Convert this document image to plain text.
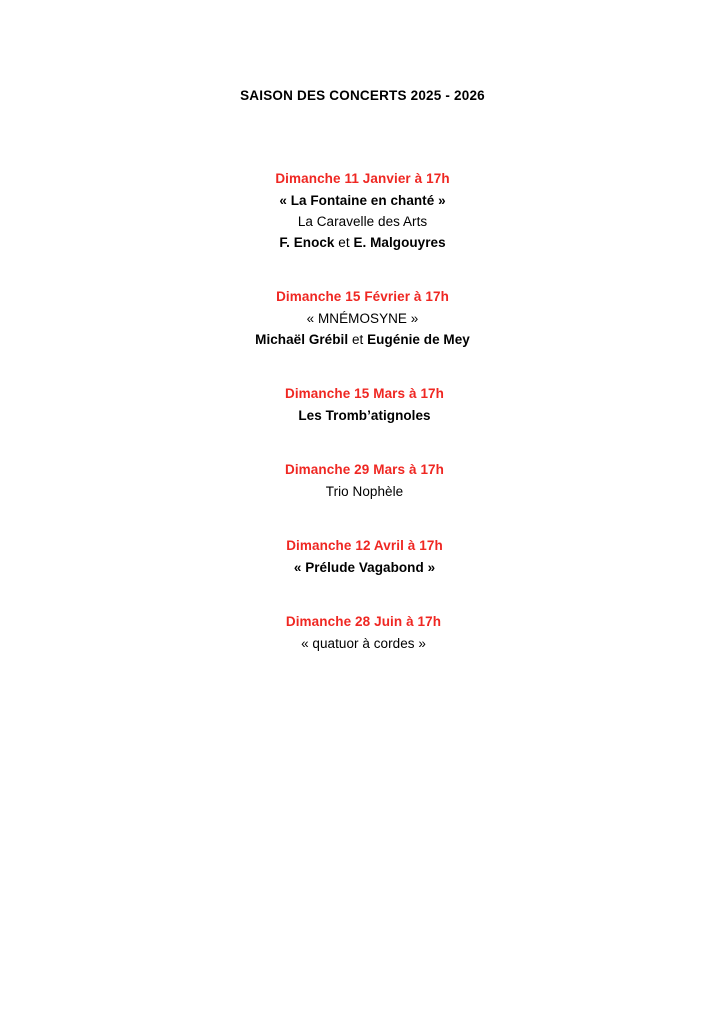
SAISON DES CONCERTS 2025 - 2026
Dimanche 11 Janvier à 17h
« La Fontaine en chanté »
La Caravelle des Arts
F. Enock et E. Malgouyres
Dimanche 15 Février à 17h
« MNÉMOSYNE »
Michaël Grébil et Eugénie de Mey
Dimanche 15 Mars à 17h
Les Tromb’atignoles
Dimanche 29 Mars à 17h
Trio Nophèle
Dimanche 12 Avril à 17h
« Prélude Vagabond »
Dimanche 28 Juin à 17h
« quatuor à cordes »
